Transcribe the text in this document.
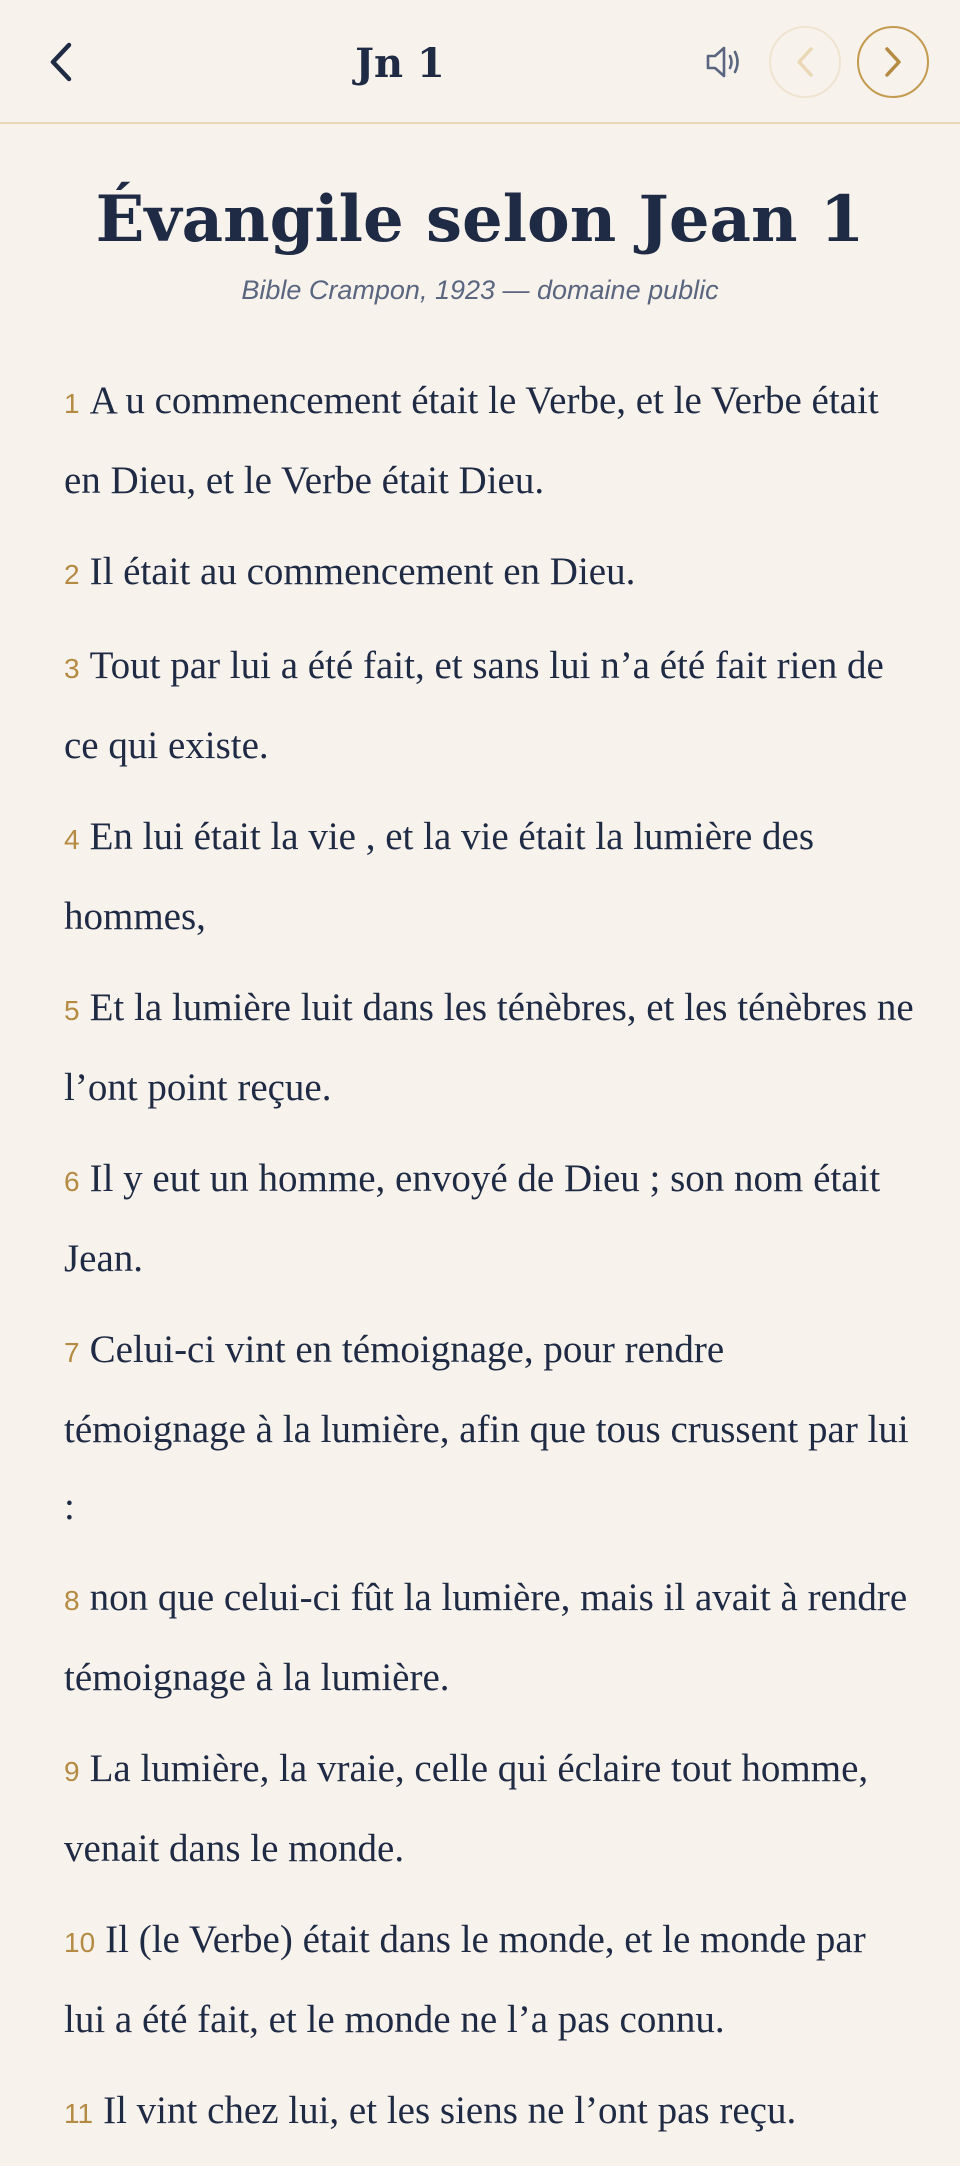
Jn 1
Évangile selon Jean 1
Bible Crampon, 1923 — domaine public

1 A u commencement était le Verbe, et le Verbe était en Dieu, et le Verbe était Dieu.

2 Il était au commencement en Dieu.

3 Tout par lui a été fait, et sans lui n’a été fait rien de ce qui existe.

4 En lui était la vie , et la vie était la lumière des hommes,

5 Et la lumière luit dans les ténèbres, et les ténèbres ne l’ont point reçue.

6 Il y eut un homme, envoyé de Dieu ; son nom était Jean.

7 Celui-ci vint en témoignage, pour rendre témoignage à la lumière, afin que tous crussent par lui :

8 non que celui-ci fût la lumière, mais il avait à rendre témoignage à la lumière.

9 La lumière, la vraie, celle qui éclaire tout homme, venait dans le monde.

10 Il (le Verbe) était dans le monde, et le monde par lui a été fait, et le monde ne l’a pas connu.

11 Il vint chez lui, et les siens ne l’ont pas reçu.
